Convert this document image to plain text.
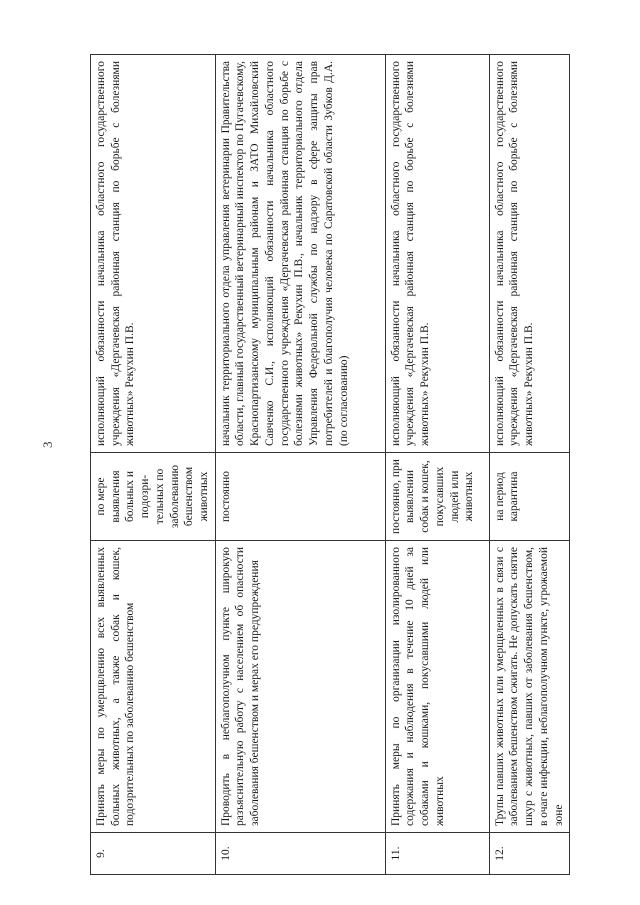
3
9.	Принять меры по умерщвлению всех выявленных больных животных, а также собак и кошек, подозрительных по заболеванию бешенством	по мере выявления больных и подозри-тельных по заболеванию бешенством животных	исполняющий обязанности начальника областного государственного учреждения «Дергачевская районная станция по борьбе с болезнями животных» Рекухин П.В.
10.	Проводить в неблагополучном пункте широкую разъяснительную работу с населением об опасности заболевания бешенством и мерах его предупреждения	постоянно	начальник территориального отдела управления ветеринарии Правительства области, главный государственный ветеринарный инспектор по Пугачевскому, Краснопартизанскому муниципальным районам и ЗАТО Михайловский Савченко С.И., исполняющий обязанности начальника областного государственного учреждения «Дергачевская районная станция по борьбе с болезнями животных» Рекухин П.В., начальник территориального отдела Управления Федеральной службы по надзору в сфере защиты прав потребителей и благополучия человека по Саратовской области Зубков Д.А. (по согласованию)
11.	Принять меры по организации изолированного содержания и наблюдения в течение 10 дней за собаками и кошками, покусавшими людей или животных	постоянно, при выявлении собак и кошек, покусавших людей или животных	исполняющий обязанности начальника областного государственного учреждения «Дергачевская районная станция по борьбе с болезнями животных» Рекухин П.В.
12.	Трупы павших животных или умерщвленных в связи с заболеванием бешенством сжигать. Не допускать снятие шкур с животных, павших от заболевания бешенством, в очаге инфекции, неблагополучном пункте, угрожаемой зоне	на период карантина	исполняющий обязанности начальника областного государственного учреждения «Дергачевская районная станция по борьбе с болезнями животных» Рекухин П.В.
